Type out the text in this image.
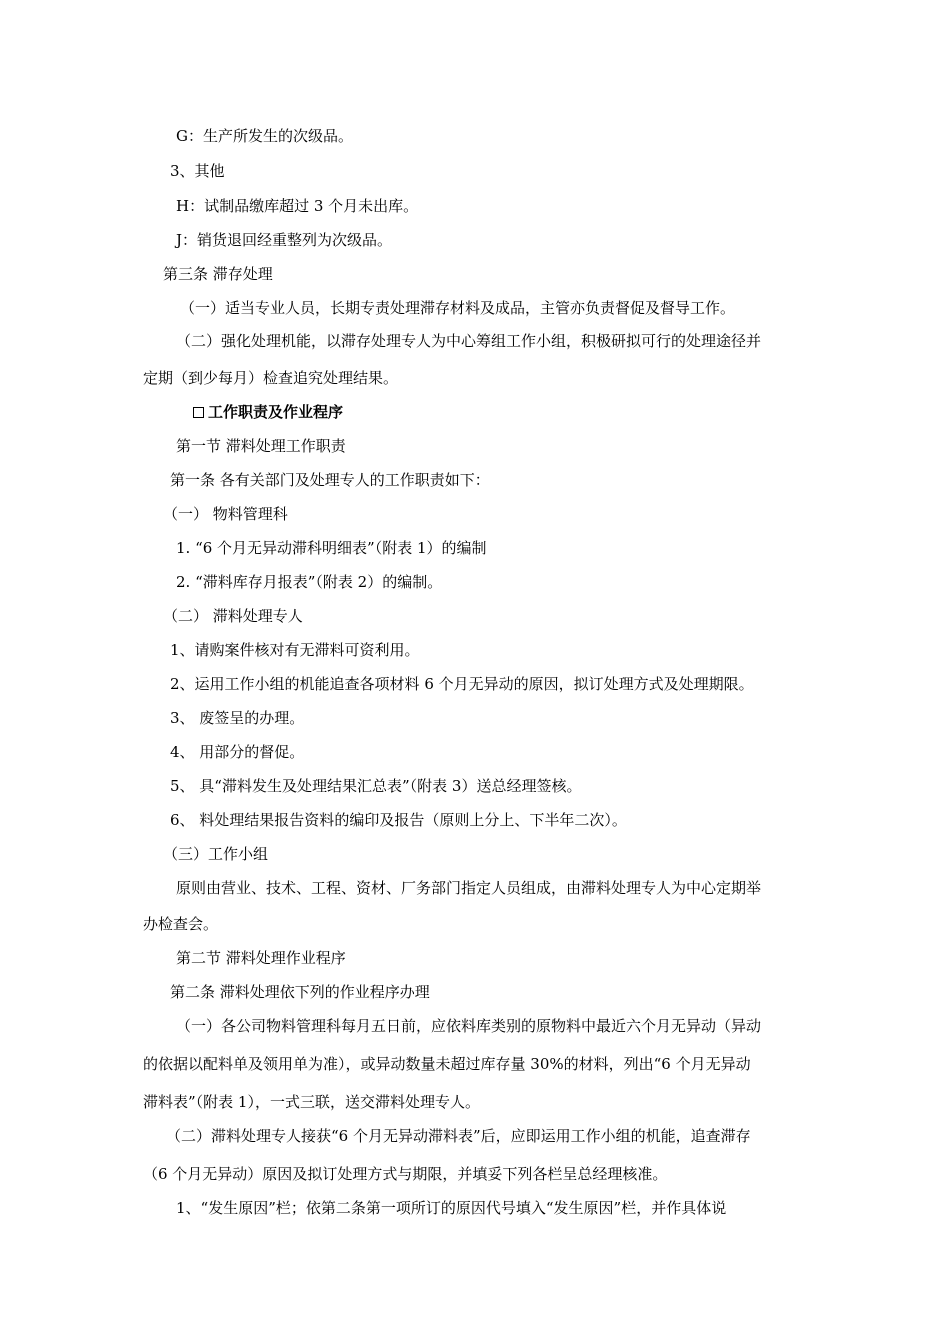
G：生产所发生的次级品。
3、其他
H：试制品缴库超过 3 个月未出库。
J：销货退回经重整列为次级品。
第三条 滞存处理
（一）适当专业人员，长期专责处理滞存材料及成品，主管亦负责督促及督导工作。
（二）强化处理机能，以滞存处理专人为中心筹组工作小组，积极研拟可行的处理途径并
定期（到少每月）检查追究处理结果。
工作职责及作业程序
第一节 滞料处理工作职责
第一条 各有关部门及处理专人的工作职责如下：
（一） 物料管理科
1. “6 个月无异动滞科明细表”（附表 1）的编制
2. “滞料库存月报表”（附表 2）的编制。
（二） 滞料处理专人
1、请购案件核对有无滞料可资利用。
2、运用工作小组的机能追查各项材料 6 个月无异动的原因，拟订处理方式及处理期限。
3、 废签呈的办理。
4、 用部分的督促。
5、 具“滞料发生及处理结果汇总表”（附表 3）送总经理签核。
6、 料处理结果报告资料的编印及报告（原则上分上、下半年二次）。
（三）工作小组
原则由营业、技术、工程、资材、厂务部门指定人员组成，由滞料处理专人为中心定期举
办检查会。
第二节 滞料处理作业程序
第二条 滞料处理依下列的作业程序办理
（一）各公司物料管理科每月五日前，应依料库类别的原物料中最近六个月无异动（异动
的依据以配料单及领用单为准），或异动数量未超过库存量 30%的材料，列出“6 个月无异动
滞料表”（附表 1），一式三联，送交滞料处理专人。
（二）滞料处理专人接获“6 个月无异动滞料表”后，应即运用工作小组的机能，追查滞存
（6 个月无异动）原因及拟订处理方式与期限，并填妥下列各栏呈总经理核准。
1、“发生原因”栏；依第二条第一项所订的原因代号填入“发生原因”栏，并作具体说
